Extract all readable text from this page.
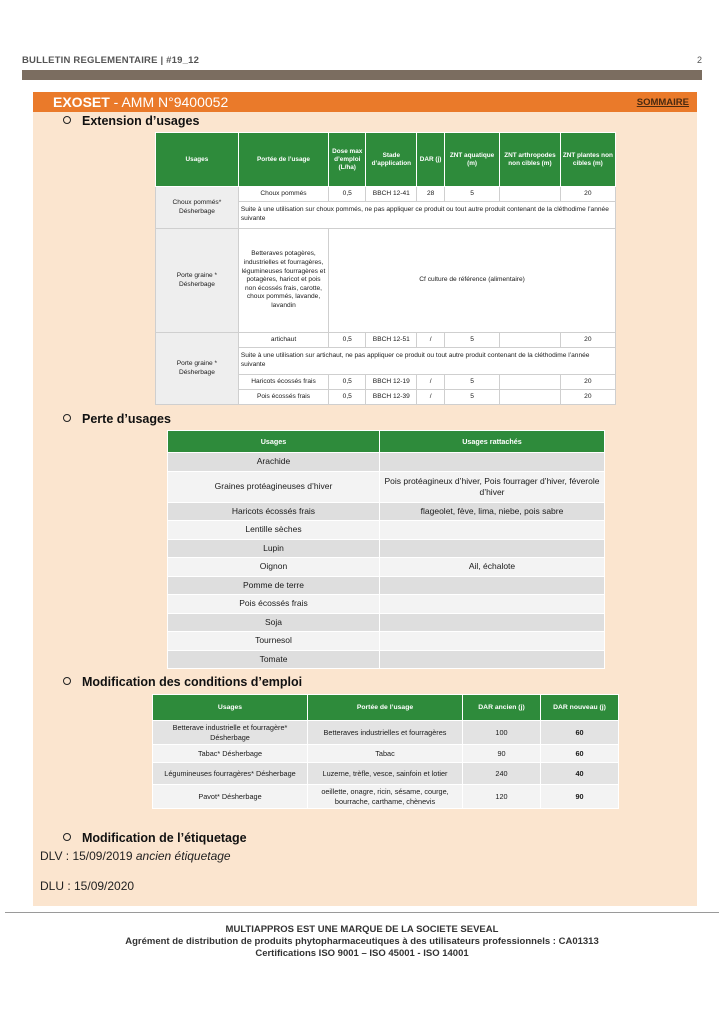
BULLETIN REGLEMENTAIRE | #19_12	2
EXOSET - AMM N°9400052	SOMMAIRE
Extension d’usages
Usages	Portée de l’usage	Dose max d’emploi (L/ha)	Stade d’application	DAR (j)	ZNT aquatique (m)	ZNT arthropodes non cibles (m)	ZNT plantes non cibles (m)
Choux pommés* Désherbage	Choux pommés	0,5	BBCH 12-41	28	5		20
	Suite à une utilisation sur choux pommés, ne pas appliquer ce produit ou tout autre produit contenant de la cléthodime l’année suivante						
Porte graine * Désherbage	Betteraves potagères, industrielles et fourragères, légumineuses fourragères et potagères, haricot et pois non écossés frais, carotte, choux pommés, lavande, lavandin	Cf culture de référence (alimentaire)					
Porte graine * Désherbage	artichaut	0,5	BBCH 12-51	/	5		20
	Suite à une utilisation sur artichaut, ne pas appliquer ce produit ou tout autre produit contenant de la cléthodime l’année suivante						
	Haricots écossés frais	0,5	BBCH 12-19	/	5		20
	Pois écossés frais	0,5	BBCH 12-39	/	5		20
Perte d’usages
Usages	Usages rattachés
Arachide	
Graines protéagineuses d’hiver	Pois protéagineux d’hiver, Pois fourrager d’hiver, féverole d’hiver
Haricots écossés frais	flageolet, fève, lima, niebe, pois sabre
Lentille sèches	
Lupin	
Oignon	Ail, échalote
Pomme de terre	
Pois écossés frais	
Soja	
Tournesol	
Tomate	
Modification des conditions d’emploi
Usages	Portée de l’usage	DAR ancien (j)	DAR nouveau (j)
Betterave industrielle et fourragère* Désherbage	Betteraves industrielles et fourragères	100	60
Tabac* Désherbage	Tabac	90	60
Légumineuses fourragères* Désherbage	Luzerne, trèfle, vesce, sainfoin et lotier	240	40
Pavot* Désherbage	oeillette, onagre, ricin, sésame, courge, bourrache, carthame, chènevis	120	90
Modification de l’étiquetage
DLV : 15/09/2019 ancien étiquetage
DLU : 15/09/2020
MULTIAPPROS EST UNE MARQUE DE LA SOCIETE SEVEAL
Agrément de distribution de produits phytopharmaceutiques à des utilisateurs professionnels : CA01313
Certifications ISO 9001 – ISO 45001 - ISO 14001
